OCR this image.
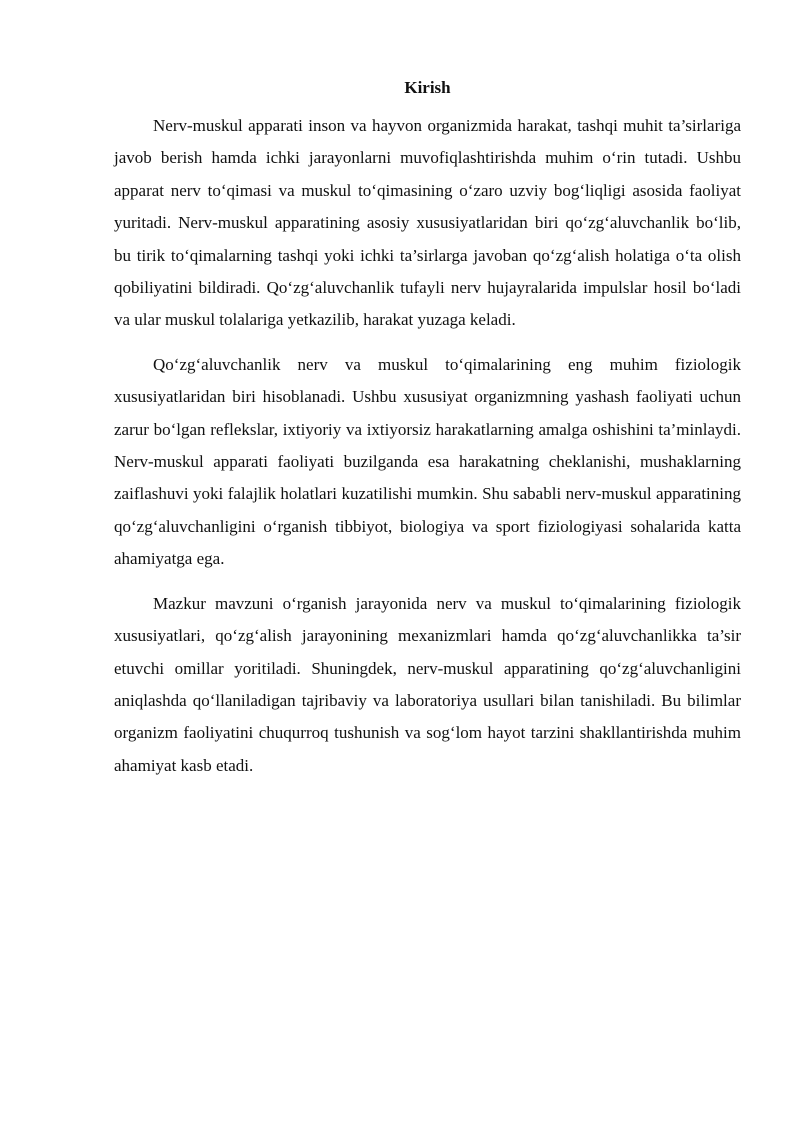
Kirish

Nerv-muskul apparati inson va hayvon organizmida harakat, tashqi muhit ta’sirlariga javob berish hamda ichki jarayonlarni muvofiqlashtirishda muhim o‘rin tutadi. Ushbu apparat nerv to‘qimasi va muskul to‘qimasining o‘zaro uzviy bog‘liqligi asosida faoliyat yuritadi. Nerv-muskul apparatining asosiy xususiyatlaridan biri qo‘zg‘aluvchanlik bo‘lib, bu tirik to‘qimalarning tashqi yoki ichki ta’sirlarga javoban qo‘zg‘alish holatiga o‘ta olish qobiliyatini bildiradi. Qo‘zg‘aluvchanlik tufayli nerv hujayralarida impulslar hosil bo‘ladi va ular muskul tolalariga yetkazilib, harakat yuzaga keladi.

Qo‘zg‘aluvchanlik nerv va muskul to‘qimalarining eng muhim fiziologik xususiyatlaridan biri hisoblanadi. Ushbu xususiyat organizmning yashash faoliyati uchun zarur bo‘lgan reflekslar, ixtiyoriy va ixtiyorsiz harakatlarning amalga oshishini ta’minlaydi. Nerv-muskul apparati faoliyati buzilganda esa harakatning cheklanishi, mushaklarning zaiflashuvi yoki falajlik holatlari kuzatilishi mumkin. Shu sababli nerv-muskul apparatining qo‘zg‘aluvchanligini o‘rganish tibbiyot, biologiya va sport fiziologiyasi sohalarida katta ahamiyatga ega.

Mazkur mavzuni o‘rganish jarayonida nerv va muskul to‘qimalarining fiziologik xususiyatlari, qo‘zg‘alish jarayonining mexanizmlari hamda qo‘zg‘aluvchanlikka ta’sir etuvchi omillar yoritiladi. Shuningdek, nerv-muskul apparatining qo‘zg‘aluvchanligini aniqlashda qo‘llaniladigan tajribaviy va laboratoriya usullari bilan tanishiladi. Bu bilimlar organizm faoliyatini chuqurroq tushunish va sog‘lom hayot tarzini shakllantirishda muhim ahamiyat kasb etadi.
